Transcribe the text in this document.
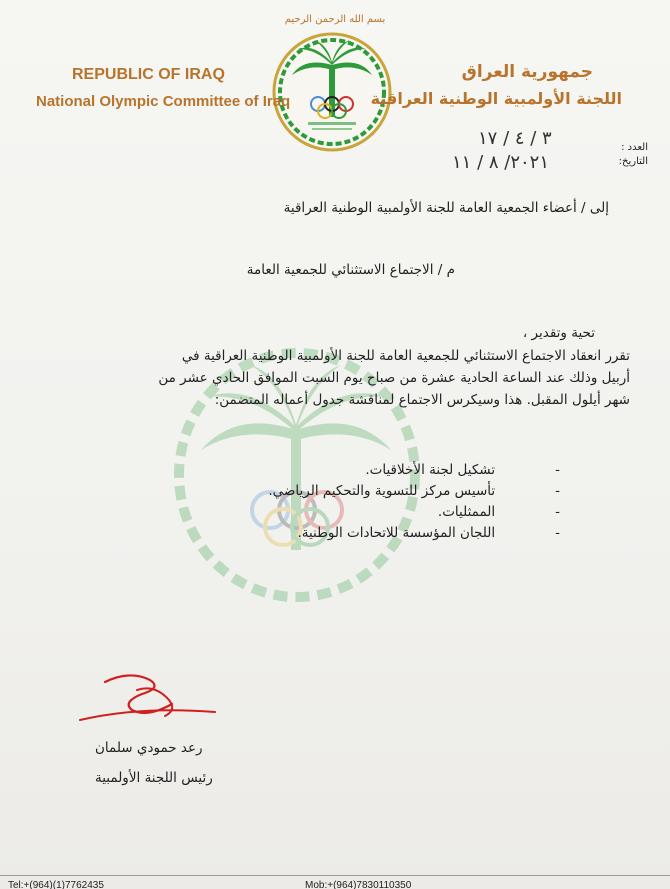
بسم الله الرحمن الرحيم
REPUBLIC OF IRAQ
National Olympic Committee of Iraq
جمهورية العراق
اللجنة الأولمبية الوطنية العراقية
العدد :
٣ / ٤ / ١٧
التاريخ:
٢٠٢١/ ٨ / ١١
إلى / أعضاء الجمعية العامة للجنة الأولمبية الوطنية العراقية
م / الاجتماع الاستثنائي للجمعية العامة
تحية وتقدير ،
تقرر انعقاد الاجتماع الاستثنائي للجمعية العامة للجنة الأولمبية الوطنية العراقية في
أربيل وذلك عند الساعة الحادية عشرة من صباح يوم السبت الموافق الحادي عشر من
شهر أيلول المقبل. هذا وسيكرس الاجتماع لمناقشة جدول أعماله المتضمن:
-تشكيل لجنة الأخلاقيات.
-تأسيس مركز للتسوية والتحكيم الرياضي.
-الممثليات.
-اللجان المؤسسة للاتحادات الوطنية.
رعد حمودي سلمان
رئيس اللجنة الأولمبية
Tel:+(964)(1)7762435	Mob:+(964)7830110350
